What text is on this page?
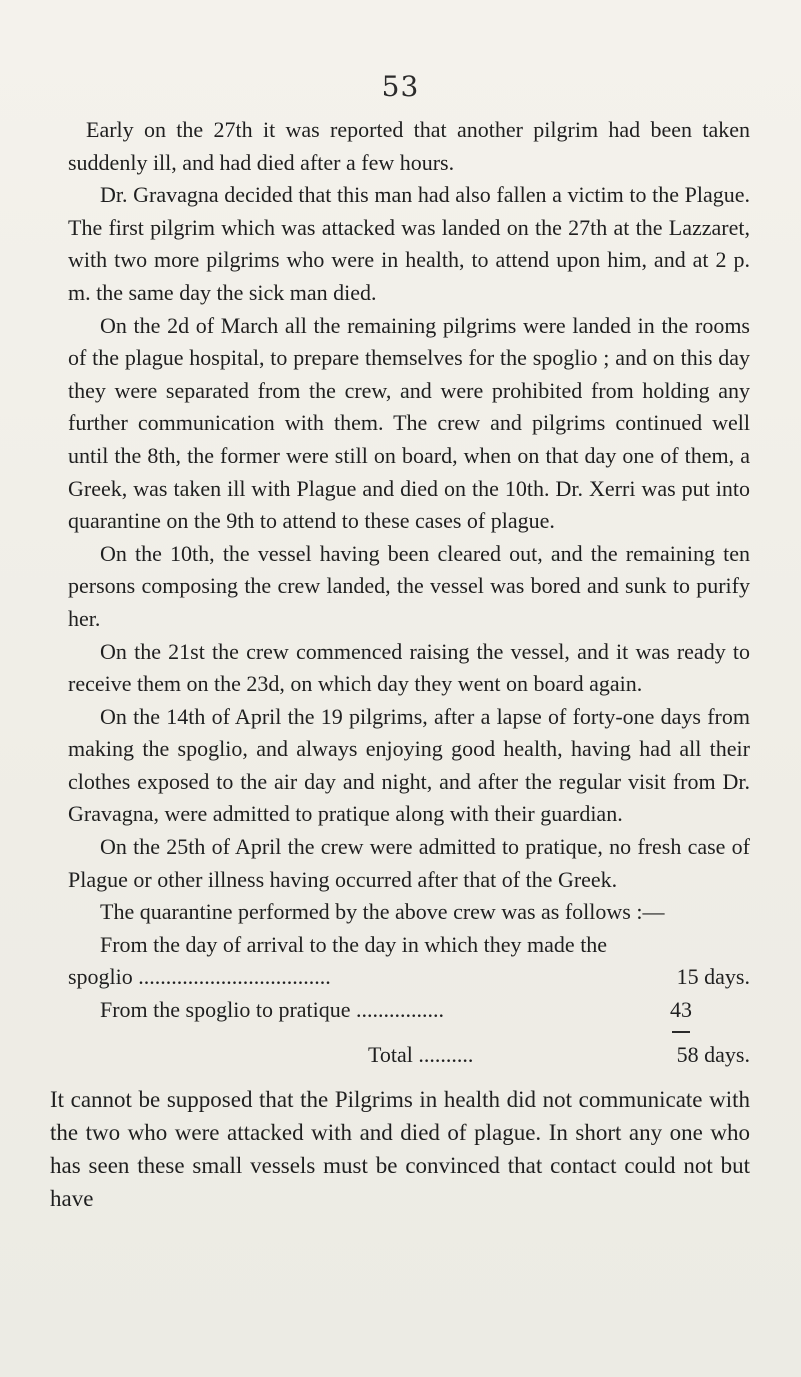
53

Early on the 27th it was reported that another pilgrim had been taken suddenly ill, and had died after a few hours.

Dr. Gravagna decided that this man had also fallen a victim to the Plague. The first pilgrim which was attacked was landed on the 27th at the Lazzaret, with two more pilgrims who were in health, to attend upon him, and at 2 p. m. the same day the sick man died.

On the 2d of March all the remaining pilgrims were landed in the rooms of the plague hospital, to prepare themselves for the spoglio ; and on this day they were separated from the crew, and were prohibited from holding any further communication with them. The crew and pilgrims continued well until the 8th, the former were still on board, when on that day one of them, a Greek, was taken ill with Plague and died on the 10th. Dr. Xerri was put into quarantine on the 9th to attend to these cases of plague.

On the 10th, the vessel having been cleared out, and the remaining ten persons composing the crew landed, the vessel was bored and sunk to purify her.

On the 21st the crew commenced raising the vessel, and it was ready to receive them on the 23d, on which day they went on board again.

On the 14th of April the 19 pilgrims, after a lapse of forty-one days from making the spoglio, and always enjoying good health, having had all their clothes exposed to the air day and night, and after the regular visit from Dr. Gravagna, were admitted to pratique along with their guardian.

On the 25th of April the crew were admitted to pratique, no fresh case of Plague or other illness having occurred after that of the Greek.

The quarantine performed by the above crew was as follows :—

From the day of arrival to the day in which they made the
spoglio ...................................	15 days.
From the spoglio to pratique ................	43
Total ..........	58 days.

It cannot be supposed that the Pilgrims in health did not communicate with the two who were attacked with and died of plague. In short any one who has seen these small vessels must be convinced that contact could not but have
